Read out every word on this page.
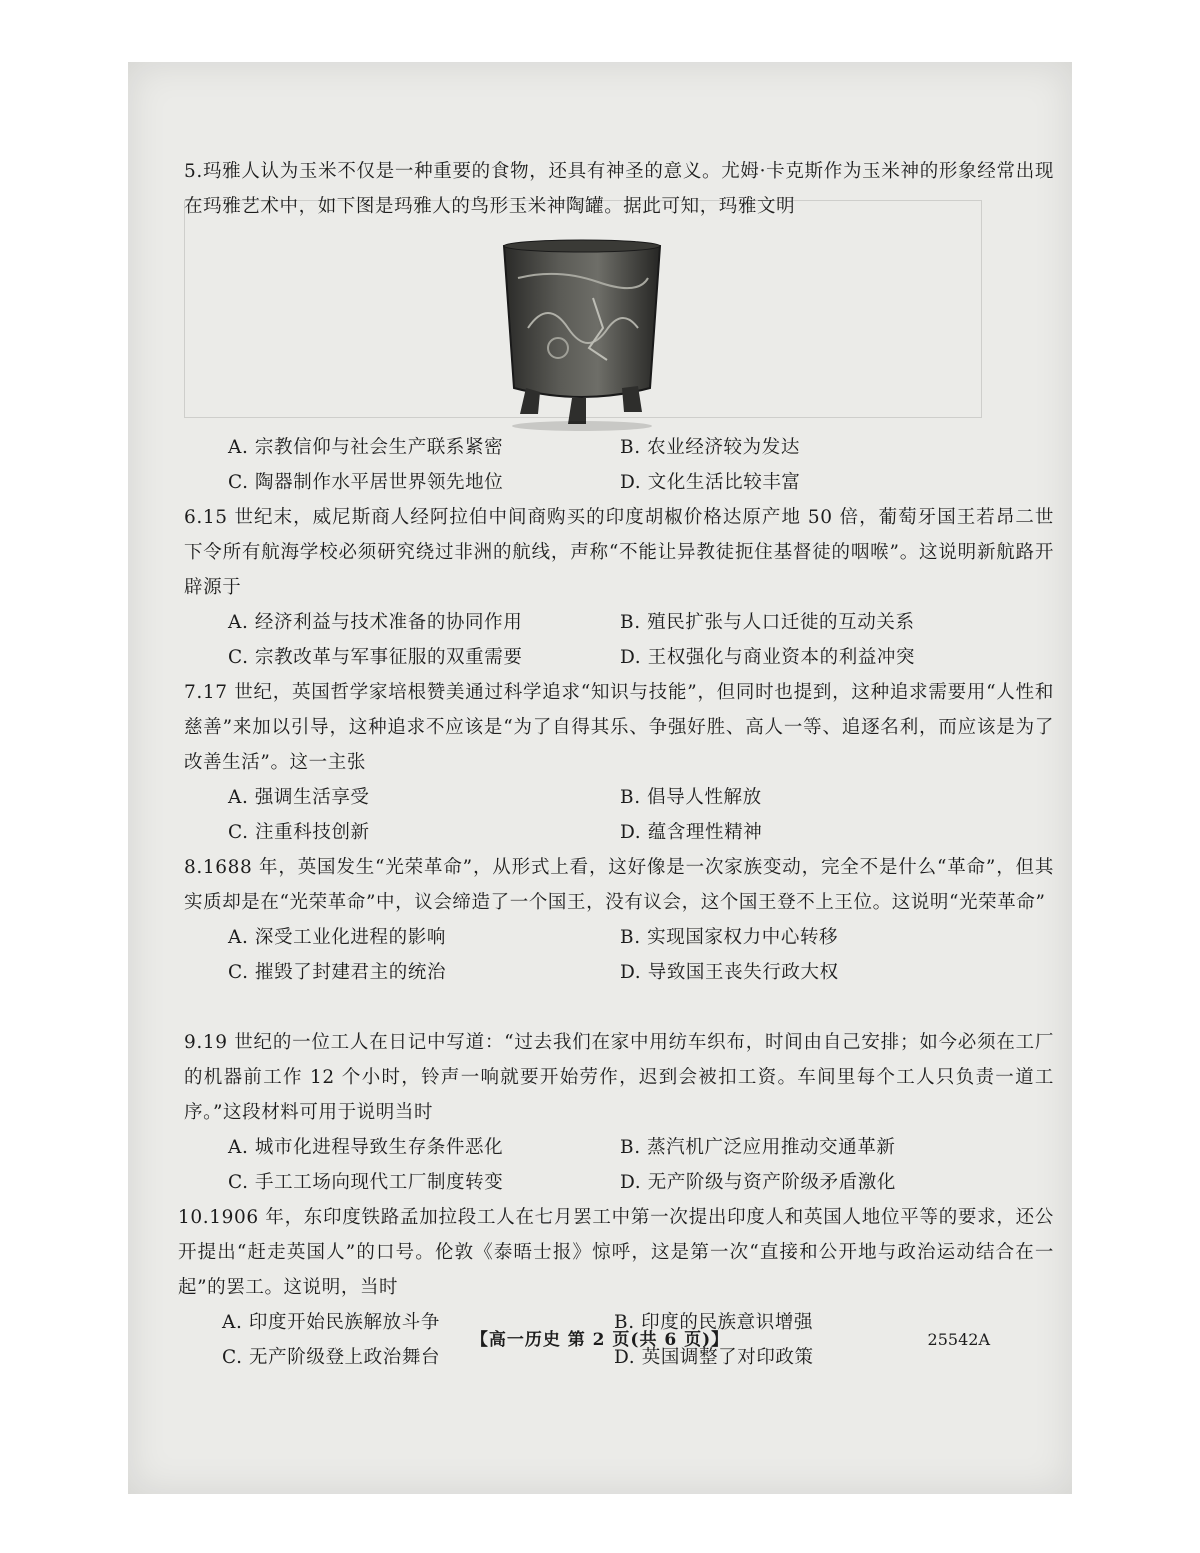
5.玛雅人认为玉米不仅是一种重要的食物，还具有神圣的意义。尤姆·卡克斯作为玉米神的形象经常出现在玛雅艺术中，如下图是玛雅人的鸟形玉米神陶罐。据此可知，玛雅文明

A. 宗教信仰与社会生产联系紧密	B. 农业经济较为发达
C. 陶器制作水平居世界领先地位	D. 文化生活比较丰富

6.15 世纪末，威尼斯商人经阿拉伯中间商购买的印度胡椒价格达原产地 50 倍，葡萄牙国王若昂二世下令所有航海学校必须研究绕过非洲的航线，声称“不能让异教徒扼住基督徒的咽喉”。这说明新航路开辟源于

A. 经济利益与技术准备的协同作用	B. 殖民扩张与人口迁徙的互动关系
C. 宗教改革与军事征服的双重需要	D. 王权强化与商业资本的利益冲突

7.17 世纪，英国哲学家培根赞美通过科学追求“知识与技能”，但同时也提到，这种追求需要用“人性和慈善”来加以引导，这种追求不应该是“为了自得其乐、争强好胜、高人一等、追逐名利，而应该是为了改善生活”。这一主张

A. 强调生活享受	B. 倡导人性解放
C. 注重科技创新	D. 蕴含理性精神

8.1688 年，英国发生“光荣革命”，从形式上看，这好像是一次家族变动，完全不是什么“革命”，但其实质却是在“光荣革命”中，议会缔造了一个国王，没有议会，这个国王登不上王位。这说明“光荣革命”

A. 深受工业化进程的影响	B. 实现国家权力中心转移
C. 摧毁了封建君主的统治	D. 导致国王丧失行政大权

9.19 世纪的一位工人在日记中写道：“过去我们在家中用纺车织布，时间由自己安排；如今必须在工厂的机器前工作 12 个小时，铃声一响就要开始劳作，迟到会被扣工资。车间里每个工人只负责一道工序。”这段材料可用于说明当时

A. 城市化进程导致生存条件恶化	B. 蒸汽机广泛应用推动交通革新
C. 手工工场向现代工厂制度转变	D. 无产阶级与资产阶级矛盾激化

10.1906 年，东印度铁路孟加拉段工人在七月罢工中第一次提出印度人和英国人地位平等的要求，还公开提出“赶走英国人”的口号。伦敦《泰晤士报》惊呼，这是第一次“直接和公开地与政治运动结合在一起”的罢工。这说明，当时

A. 印度开始民族解放斗争	B. 印度的民族意识增强
C. 无产阶级登上政治舞台	D. 英国调整了对印政策
【高一历史 第 2 页(共 6 页)】	25542A
